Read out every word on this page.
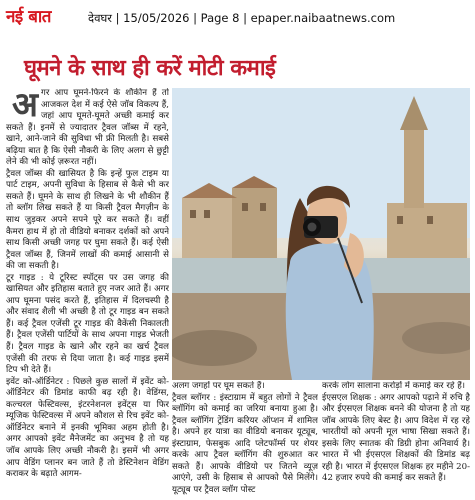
नई बात	देवघर | 15/05/2026 | Page 8 | epaper.naibaatnews.com
घूमने के साथ ही करें मोटी कमाई
अ गर आप घूमने-फिरने के शौकीन हैं तो आजकल देश में कई ऐसे जॉब विकल्प हैं, जहां आप घूमते-घूमते अच्छी कमाई कर सकते हैं। इनमें से ज्यादातर ट्रैवल जॉब्स में रहने, खाने, आने-जाने की सुविधा भी फ्री मिलती है। सबसे बढ़िया बात है कि ऐसी नौकरी के लिए अलग से छुट्टी लेने की भी कोई ज़रूरत नहीं।

ट्रैवल जॉब्स की खासियत है कि इन्हें फुल टाइम या पार्ट टाइम, अपनी सुविधा के हिसाब से कैसे भी कर सकते हैं। घूमने के साथ ही लिखने के भी शौकीन हैं तो ब्लॉग लिख सकते हैं या किसी ट्रैवल मैगज़ीन के साथ जुड़कर अपने सपने पूरे कर सकते हैं। वहीं कैमरा हाथ में हो तो वीडियो बनाकर दर्शकों को अपने साथ किसी अच्छी जगह पर घुमा सकते हैं। कई ऐसी ट्रैवल जॉब्स हैं, जिनमें लाखों की कमाई आसानी से की जा सकती है।

टूर गाइड : ये टूरिस्ट स्पॉट्स पर उस जगह की खासियत और इतिहास बताते हुए नजर आते हैं। अगर आप घूमना पसंद करते हैं, इतिहास में दिलचस्पी है और संवाद शैली भी अच्छी है तो टूर गाइड बन सकते हैं। कई ट्रैवल एजेंसी टूर गाइड की वैकेंसी निकालती हैं। ट्रैवल एजेंसी पार्टियों के साथ अपना गाइड भेजती हैं। ट्रैवल गाइड के खाने और रहने का खर्च ट्रैवल एजेंसी की तरफ से दिया जाता है। कई गाइड इसमें टिप भी देते हैं।

इवेंट को-ऑर्डिनेटर : पिछले कुछ सालों में इवेंट को-ऑर्डिनेटर की डिमांड काफी बढ़ रही है। वेडिंग्स, कल्चरल फेस्टिवल्स, इंटरनेशनल इवेंट्स या फिर म्यूजिक फेस्टिवल्स में अपने कौशल से रिच इवेंट को-ऑर्डिनेटर बनाने में इनकी भूमिका अहम होती है। अगर आपको इवेंट मैनेजमेंट का अनुभव है तो यह जॉब आपके लिए अच्छी नौकरी है। इसमें भी अगर आप वेडिंग प्लानर बन जाते हैं तो डेस्टिनेशन वेडिंग कराकर के बढ़ाते आगम-

अलग जगहों पर घूम सकते हैं।

ट्रैवल ब्लॉगर : इंस्टाग्राम में बहुत लोगों ने ट्रैवल ब्लॉगिंग को कमाई का जरिया बनाया हुआ है। ट्रैवल ब्लॉगिंग ट्रेंडिंग करियर ऑप्शन में शामिल है। अपने हर यात्रा का वीडियो बनाकर यूट्यूब, इंस्टाग्राम, फेसबुक आदि प्लेटफॉर्म्स पर शेयर करके आप ट्रैवल ब्लॉगिंग की शुरुआत कर सकते हैं। आपके वीडियो पर जितने व्यूज़ आएंगे, उसी के हिसाब से आपको पैसे मिलेंगे। यूट्यूब पर ट्रैवल व्लॉग पोस्ट

करके लोग सालाना करोड़ों में कमाई कर रहे हैं।

ईएसएल शिक्षक : अगर आपको पढ़ाने में रुचि है और ईएसएल शिक्षक बनने की योजना है तो यह जॉब आपके लिए बेस्ट है। आप विदेश में रह रहे भारतीयों को अपनी मूल भाषा सिखा सकते हैं। इसके लिए स्नातक की डिग्री होना अनिवार्य है। भारत में भी ईएसएल शिक्षकों की डिमांड बढ़ रही है। भारत में ईएसएल शिक्षक हर महीने 20-42 हजार रुपये की कमाई कर सकते हैं।
